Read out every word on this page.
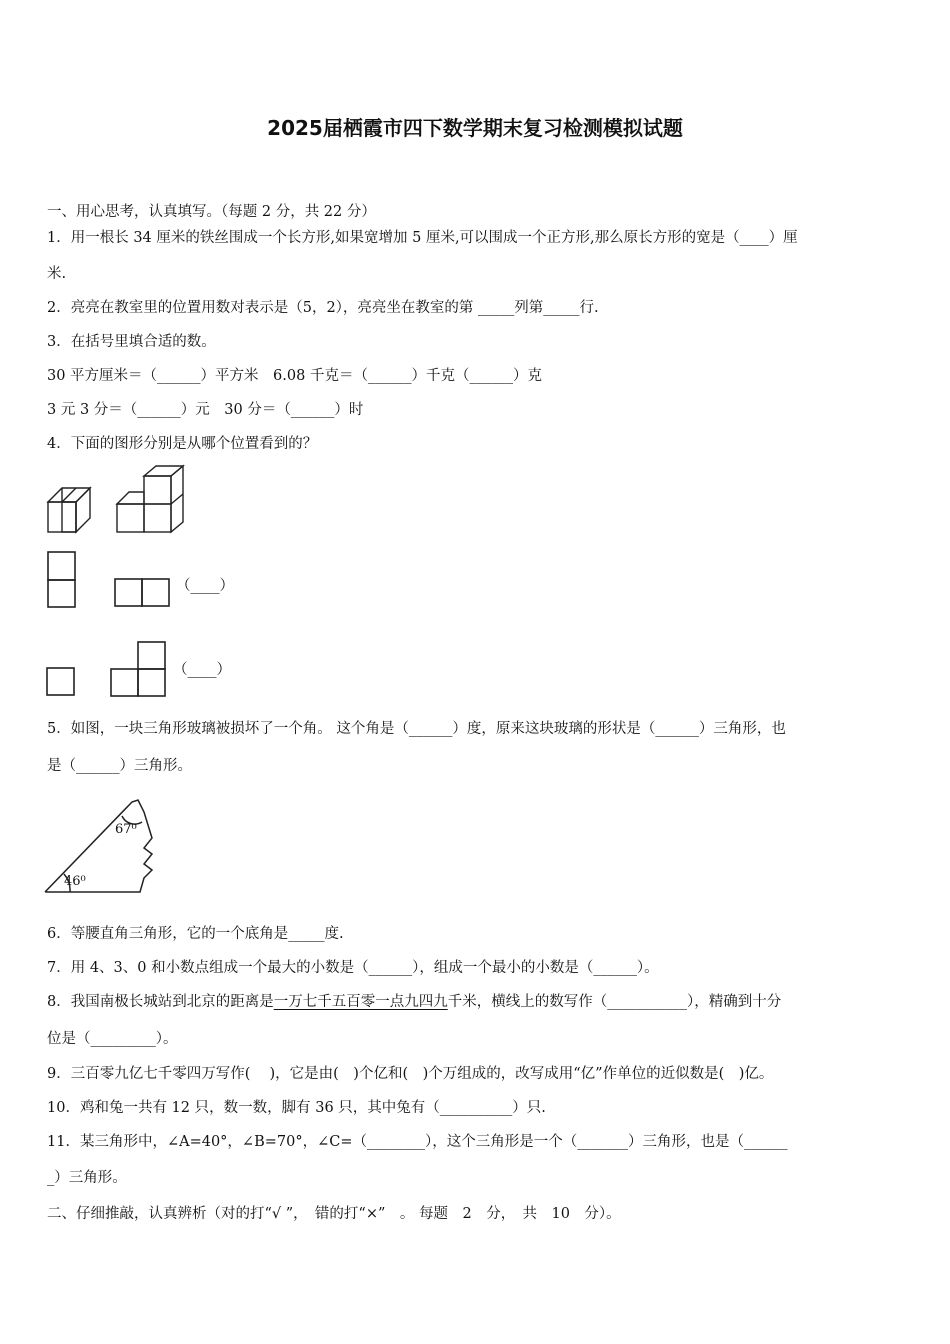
2025届栖霞市四下数学期末复习检测模拟试题
一、用心思考，认真填写。（每题 2 分，共 22 分）
1．用一根长 34 厘米的铁丝围成一个长方形,如果宽增加 5 厘米,可以围成一个正方形,那么原长方形的宽是（____）厘
米.
2．亮亮在教室里的位置用数对表示是（5，2），亮亮坐在教室的第 _____列第_____行.
3．在括号里填合适的数。
30 平方厘米＝（______）平方米　6.08 千克＝（______）千克（______）克
3 元 3 分＝（______）元　30 分＝（______）时
4．下面的图形分别是从哪个位置看到的？
（____）
（____）
5．如图，一块三角形玻璃被损坏了一个角。 这个角是（______）度，原来这块玻璃的形状是（______）三角形，也
是（______）三角形。
67⁰
46⁰
6．等腰直角三角形，它的一个底角是_____度.
7．用 4、3、0 和小数点组成一个最大的小数是（______），组成一个最小的小数是（______）。
8．我国南极长城站到北京的距离是一万七千五百零一点九四九千米，横线上的数写作（___________），精确到十分
位是（_________）。
9．三百零九亿七千零四万写作(　 )，它是由(　)个亿和(　)个万组成的，改写成用“亿”作单位的近似数是(　)亿。
10．鸡和兔一共有 12 只，数一数，脚有 36 只，其中兔有（__________）只.
11．某三角形中，∠A=40°，∠B=70°，∠C=（________），这个三角形是一个（_______）三角形，也是（______
_）三角形。
二、仔细推敲，认真辨析（对的打“√ ”，　错的打“×”　。 每题　2　分，　共　10　分）。
